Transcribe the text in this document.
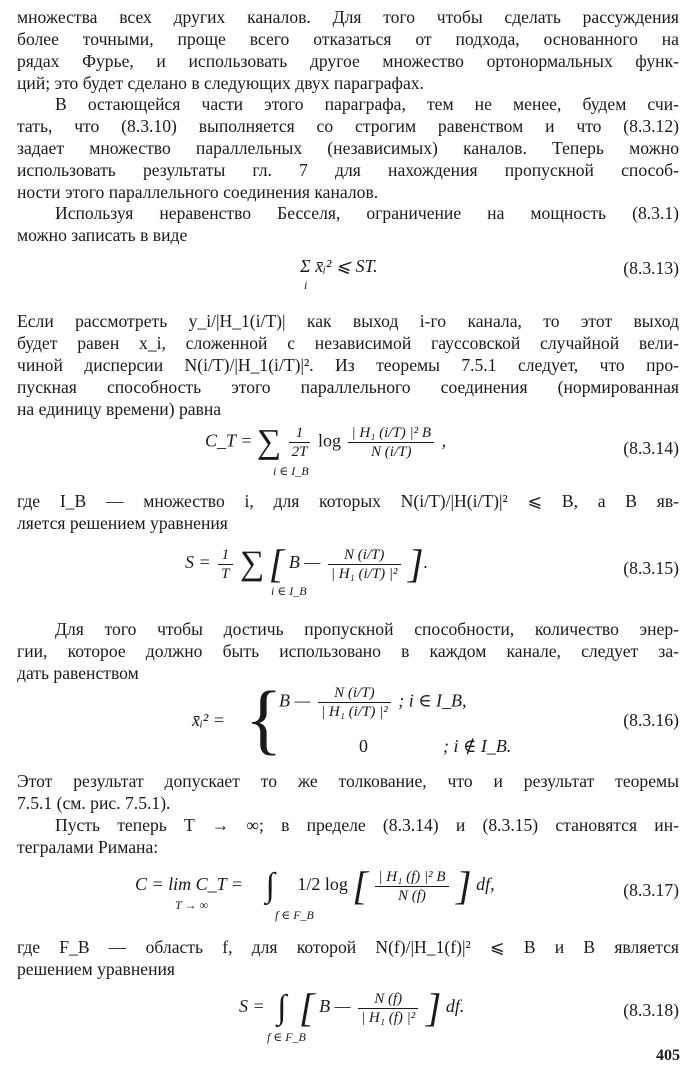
множества всех других каналов. Для того чтобы сделать рассуждения
более точными, проще всего отказаться от подхода, основанного на
рядах Фурье, и использовать другое множество ортонормальных функ-
ций; это будет сделано в следующих двух параграфах.
В остающейся части этого параграфа, тем не менее, будем счи-
тать, что (8.3.10) выполняется со строгим равенством и что (8.3.12)
задает множество параллельных (независимых) каналов. Теперь можно
использовать результаты гл. 7 для нахождения пропускной способ-
ности этого параллельного соединения каналов.
Используя неравенство Бесселя, ограничение на мощность (8.3.1)
можно записать в виде
Σ x̄ᵢ² ⩽ ST.
i
(8.3.13)
Если рассмотреть y_i/|H_1(i/T)| как выход i-го канала, то этот выход
будет равен x_i, сложенной с независимой гауссовской случайной вели-
чиной дисперсии N(i/T)/|H_1(i/T)|². Из теоремы 7.5.1 следует, что про-
пускная способность этого параллельного соединения (нормированная
на единицу времени) равна
C_T = ∑ $\frac{1}{2T}$ $\log \frac{\text{| H₁ (i/T) |² B}}{N (i/T)}$ ,
i ∈ I_B
(8.3.14)
где I_B — множество i, для которых N(i/T)/|H(i/T)|² ⩽ B, а B яв-
ляется решением уравнения
$S = \frac{1}{T}$ ∑ [ B — $\frac{N (i/T)}{\text{| H₁ (i/T) |²}}$ ].
i ∈ I_B
(8.3.15)
Для того чтобы достичь пропускной способности, количество энер-
гии, которое должно быть использовано в каждом канале, следует за-
дать равенством
x̄ᵢ² = {
B — $\frac{N (i/T)}{\text{| H₁ (i/T) |²}}$ ; i ∈ I_B,
0	; i ∉ I_B.
(8.3.16)
Этот результат допускает то же толкование, что и результат теоремы
7.5.1 (см. рис. 7.5.1).
Пусть теперь T → ∞; в пределе (8.3.14) и (8.3.15) становятся ин-
тегралами Римана:
C = lim C_T = ∫ 1/2 log [ $\frac{\text{| H₁ (f) |² B}}{N (f)}$ ] df,
T → ∞
f ∈ F_B
(8.3.17)
где F_B — область f, для которой N(f)/|H_1(f)|² ⩽ B и B является
решением уравнения
S = ∫ [ B — $\frac{N (f)}{\text{| H₁ (f) |²}}$ ] df.
f ∈ F_B
(8.3.18)
405
